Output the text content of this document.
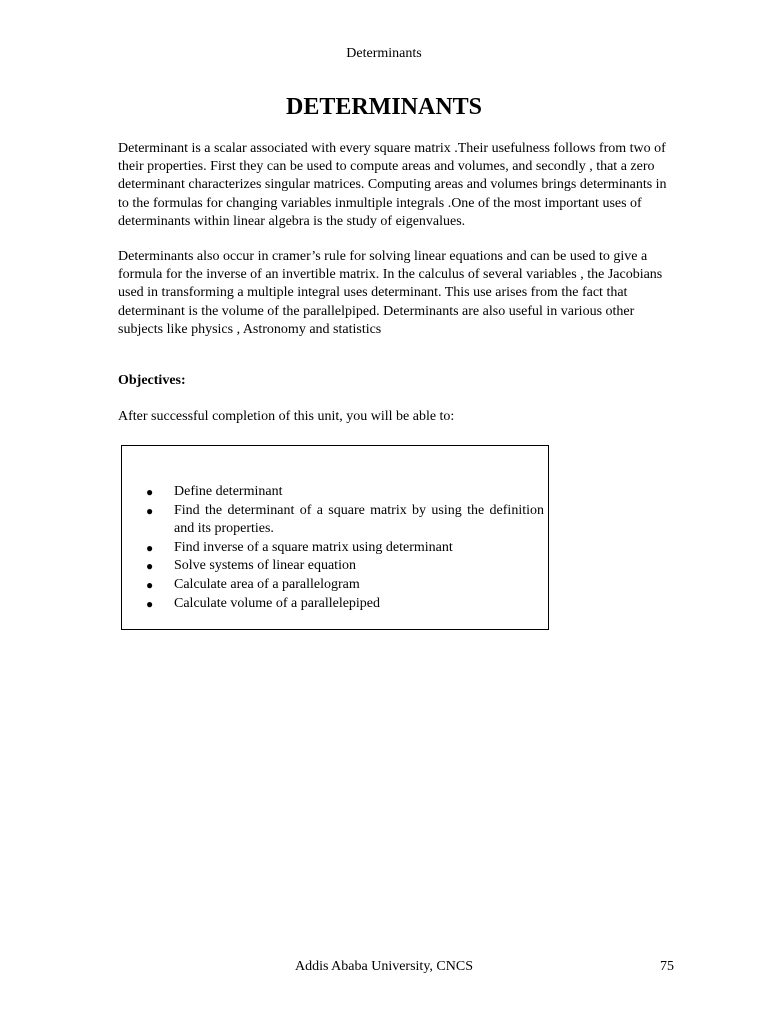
Determinants
DETERMINANTS

Determinant is a scalar associated with every square matrix .Their usefulness follows from two of their properties. First they can be used to compute areas and volumes, and secondly , that a zero determinant characterizes singular matrices. Computing areas and volumes brings determinants in to the formulas for changing variables inmultiple integrals .One of the most important uses of determinants within linear algebra is the study of eigenvalues.

Determinants also occur in cramer’s rule for solving linear equations and can be used to give a formula for the inverse of an invertible matrix. In the calculus of several variables , the Jacobians used in transforming a multiple integral uses determinant. This use arises from the fact that determinant is the volume of the parallelpiped. Determinants are also useful in various other subjects like physics , Astronomy and statistics

Objectives:

After successful completion of this unit, you will be able to:

● Define determinant
● Find the determinant of a square matrix by using the definition and its properties.
● Find inverse of a square matrix using determinant
● Solve systems of linear equation
● Calculate area of a parallelogram
● Calculate volume of a parallelepiped
Addis Ababa University, CNCS	75
